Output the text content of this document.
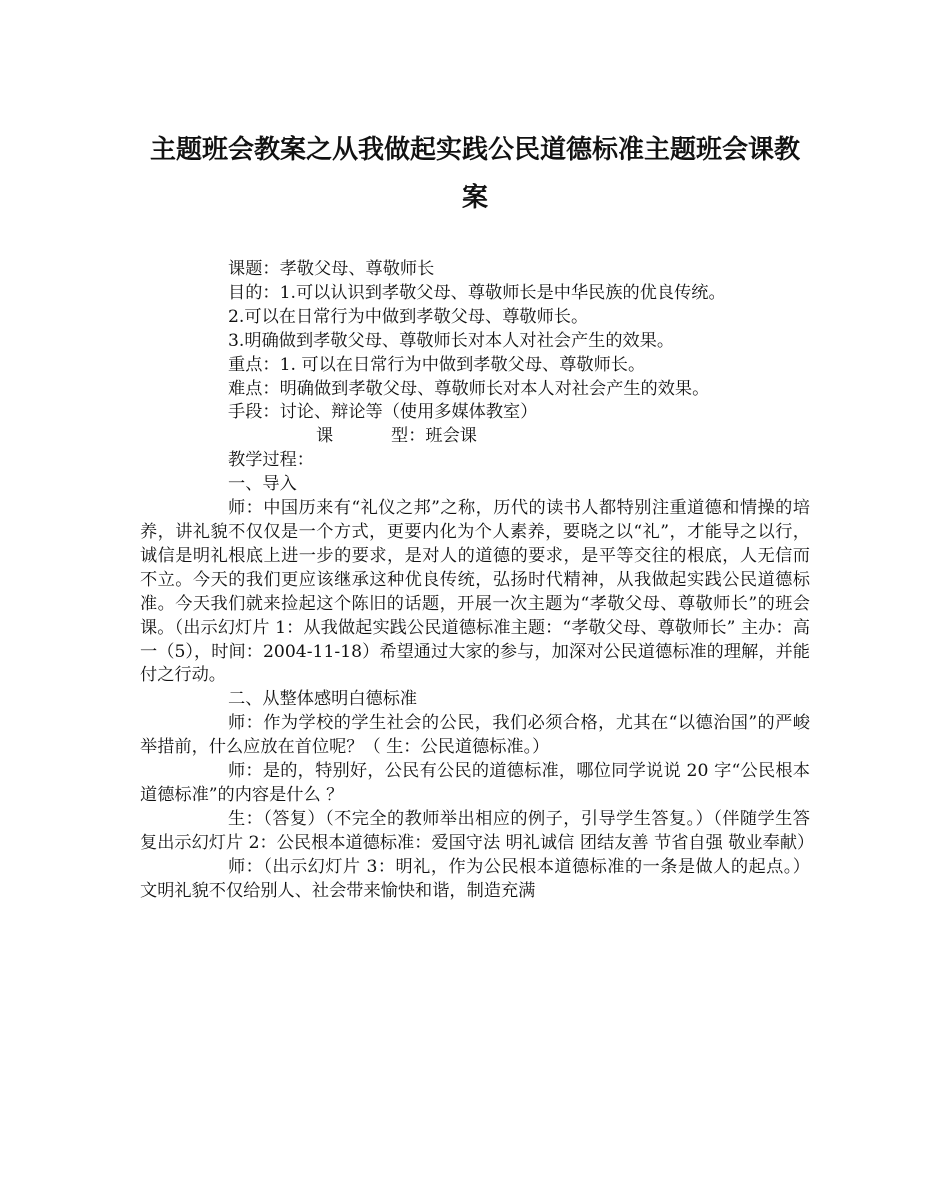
主题班会教案之从我做起实践公民道德标准主题班会课教案

课题：孝敬父母、尊敬师长

目的：1.可以认识到孝敬父母、尊敬师长是中华民族的优良传统。

2.可以在日常行为中做到孝敬父母、尊敬师长。

3.明确做到孝敬父母、尊敬师长对本人对社会产生的效果。

重点：1. 可以在日常行为中做到孝敬父母、尊敬师长。

难点：明确做到孝敬父母、尊敬师长对本人对社会产生的效果。

手段：讨论、辩论等（使用多媒体教室）

课	型：班会课

教学过程：

一、导入

师：中国历来有“礼仪之邦”之称，历代的读书人都特别注重道德和情操的培养，讲礼貌不仅仅是一个方式，更要内化为个人素养，要晓之以“礼”，才能导之以行，诚信是明礼根底上进一步的要求，是对人的道德的要求，是平等交往的根底，人无信而不立。今天的我们更应该继承这种优良传统，弘扬时代精神，从我做起实践公民道德标准。今天我们就来捡起这个陈旧的话题，开展一次主题为“孝敬父母、尊敬师长”的班会课。（出示幻灯片 1：从我做起实践公民道德标准主题：“孝敬父母、尊敬师长” 主办：高一（5），时间：2004-11-18）希望通过大家的参与，加深对公民道德标准的理解，并能付之行动。

二、从整体感明白德标准

师：作为学校的学生社会的公民，我们必须合格，尤其在“以德治国”的严峻举措前，什么应放在首位呢？（ 生：公民道德标准。）

师：是的，特别好，公民有公民的道德标准，哪位同学说说 20 字“公民根本道德标准”的内容是什么 ？

生：（答复）（不完全的教师举出相应的例子，引导学生答复。）（伴随学生答复出示幻灯片 2：公民根本道德标准：爱国守法 明礼诚信 团结友善 节省自强 敬业奉献）

师：（出示幻灯片 3：明礼，作为公民根本道德标准的一条是做人的起点。）文明礼貌不仅给别人、社会带来愉快和谐，制造充满
